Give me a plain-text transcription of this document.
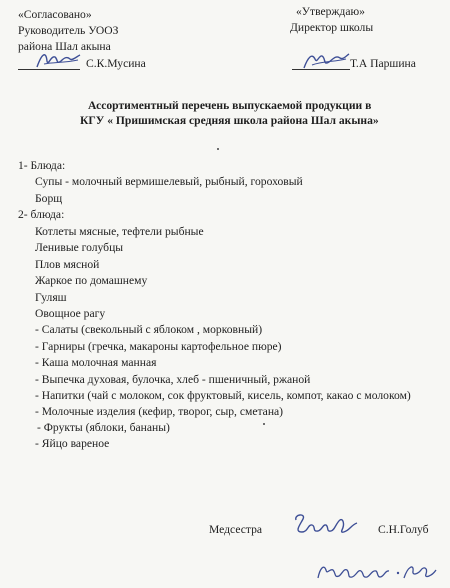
«Согласовано»
Руководитель УООЗ
района Шал акына
С.К.Мусина
«Утверждаю»
Директор школы
Т.А Паршина
Ассортиментный перечень выпускаемой продукции в
КГУ « Пришимская средняя школа района Шал акына»
1- Блюда:
Супы - молочный вермишелевый, рыбный, гороховый
Борщ
2- блюда:
Котлеты мясные, тефтели рыбные
Ленивые голубцы
Плов мясной
Жаркое по домашнему
Гуляш
Овощное рагу
- Салаты (свекольный с яблоком , морковный)
- Гарниры (гречка, макароны картофельное пюре)
- Каша молочная манная
- Выпечка духовая, булочка, хлеб - пшеничный, ржаной
- Напитки (чай с молоком, сок фруктовый, кисель, компот, какао с молоком)
- Молочные изделия (кефир, творог, сыр, сметана)
- Фрукты (яблоки, бананы)
- Яйцо вареное
Медсестра	С.Н.Голуб
